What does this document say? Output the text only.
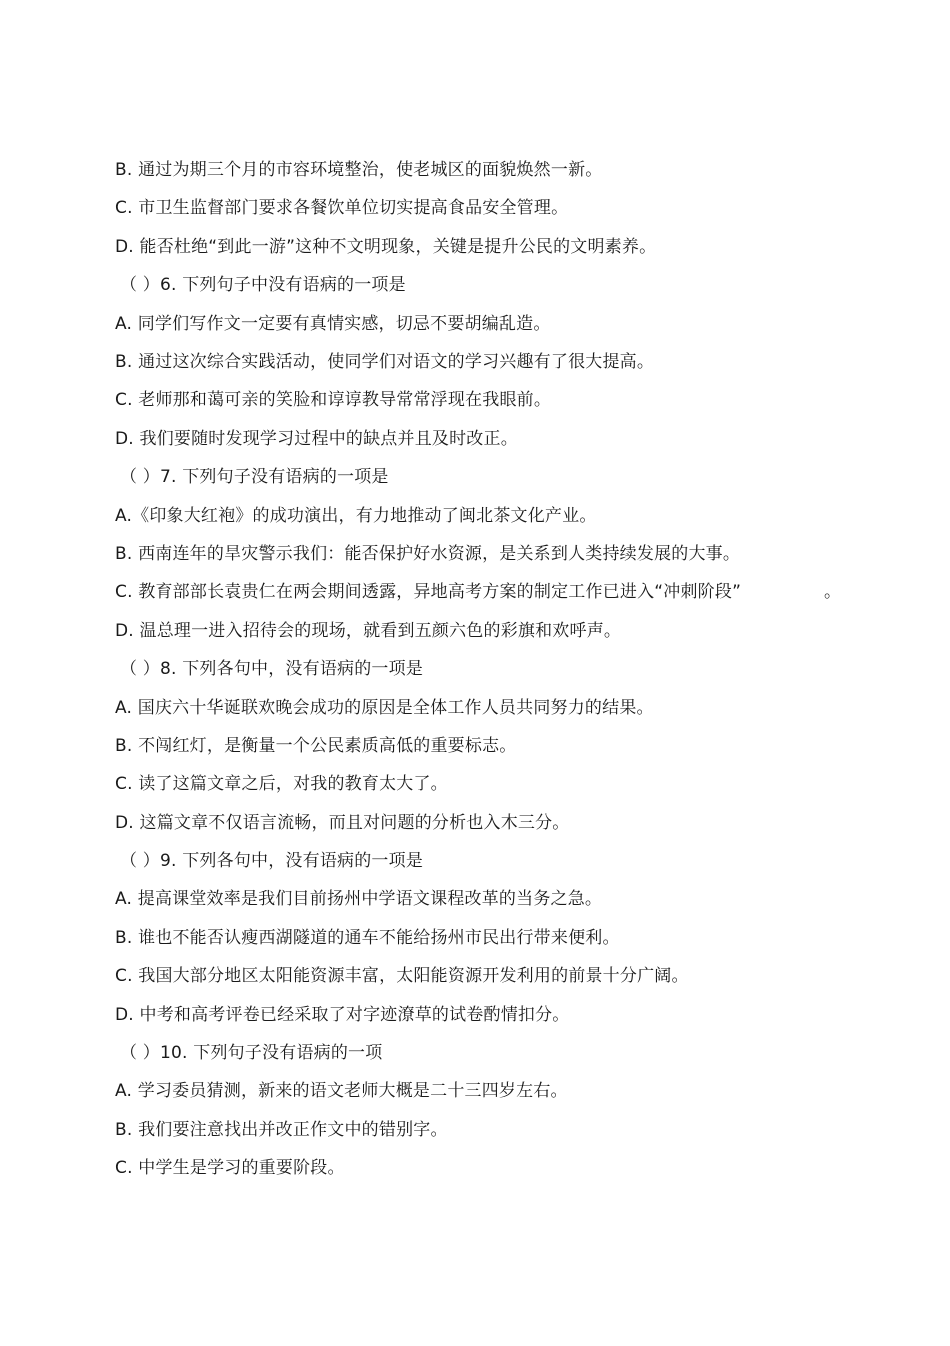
B. 通过为期三个月的市容环境整治，使老城区的面貌焕然一新。
C. 市卫生监督部门要求各餐饮单位切实提高食品安全管理。
D. 能否杜绝“到此一游”这种不文明现象，关键是提升公民的文明素养。
（ ）6. 下列句子中没有语病的一项是
A. 同学们写作文一定要有真情实感，切忌不要胡编乱造。
B. 通过这次综合实践活动，使同学们对语文的学习兴趣有了很大提高。
C. 老师那和蔼可亲的笑脸和谆谆教导常常浮现在我眼前。
D. 我们要随时发现学习过程中的缺点并且及时改正。
（ ）7. 下列句子没有语病的一项是
A.《印象大红袍》的成功演出，有力地推动了闽北茶文化产业。
B. 西南连年的旱灾警示我们：能否保护好水资源，是关系到人类持续发展的大事。
C. 教育部部长袁贵仁在两会期间透露，异地高考方案的制定工作已进入“冲刺阶段”	。
D. 温总理一进入招待会的现场，就看到五颜六色的彩旗和欢呼声。
（ ）8. 下列各句中，没有语病的一项是
A. 国庆六十华诞联欢晚会成功的原因是全体工作人员共同努力的结果。
B. 不闯红灯，是衡量一个公民素质高低的重要标志。
C. 读了这篇文章之后，对我的教育太大了。
D. 这篇文章不仅语言流畅，而且对问题的分析也入木三分。
（ ）9. 下列各句中，没有语病的一项是
A. 提高课堂效率是我们目前扬州中学语文课程改革的当务之急。
B. 谁也不能否认瘦西湖隧道的通车不能给扬州市民出行带来便利。
C. 我国大部分地区太阳能资源丰富，太阳能资源开发利用的前景十分广阔。
D. 中考和高考评卷已经采取了对字迹潦草的试卷酌情扣分。
（ ）10. 下列句子没有语病的一项
A. 学习委员猜测，新来的语文老师大概是二十三四岁左右。
B. 我们要注意找出并改正作文中的错别字。
C. 中学生是学习的重要阶段。
